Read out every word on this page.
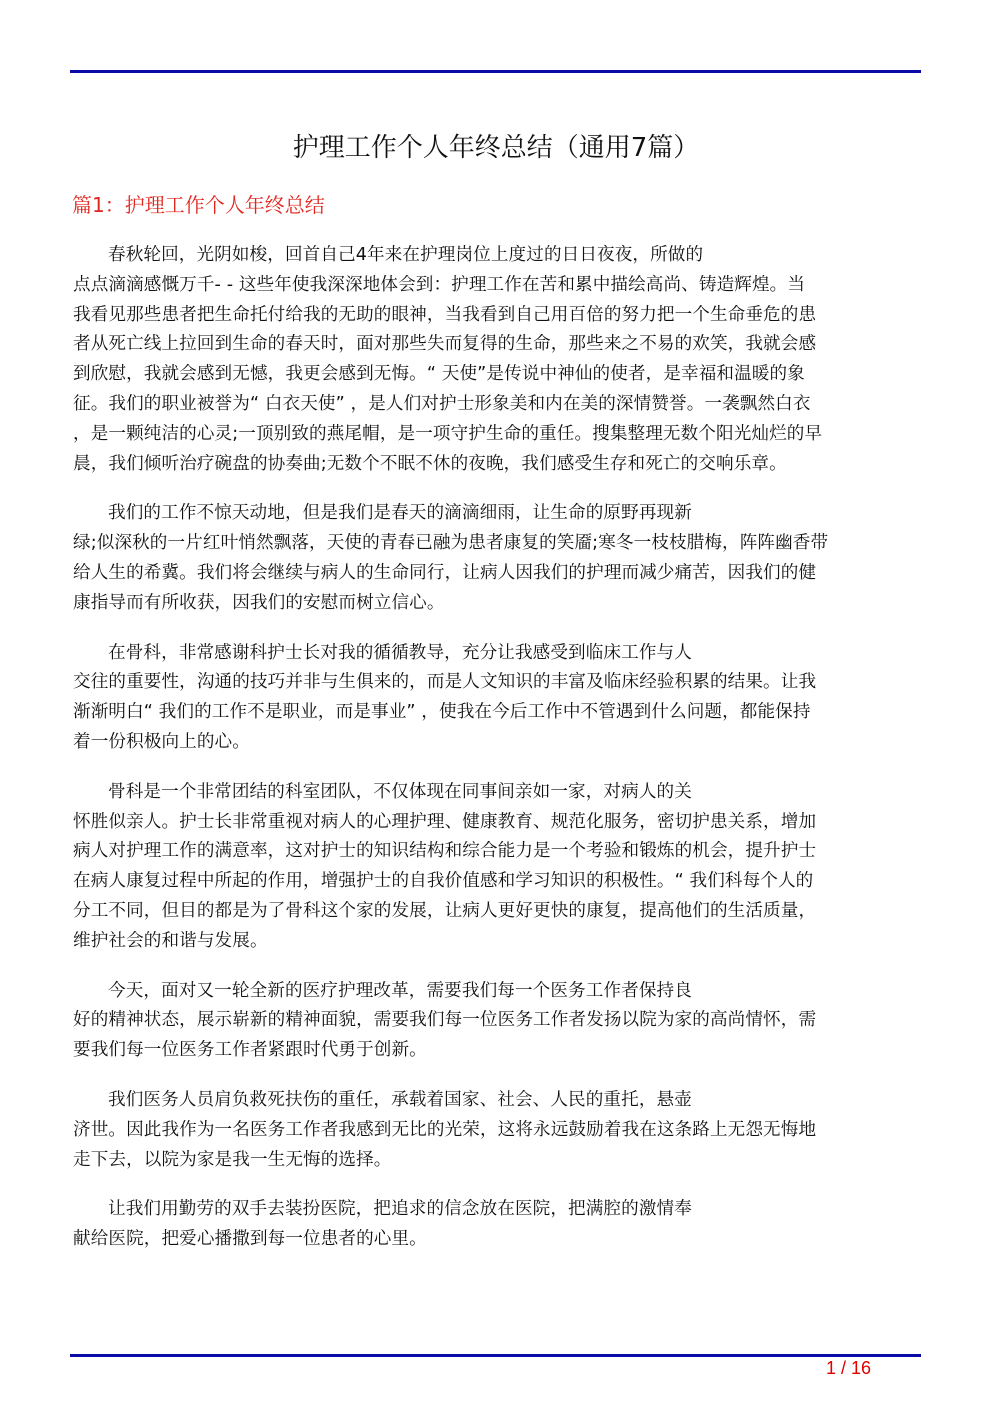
护理工作个人年终总结（通用7篇）
篇1：护理工作个人年终总结
春秋轮回，光阴如梭，回首自己4年来在护理岗位上度过的日日夜夜，所做的
点点滴滴感慨万千- - 这些年使我深深地体会到：护理工作在苦和累中描绘高尚、铸造辉煌。当
我看见那些患者把生命托付给我的无助的眼神，当我看到自己用百倍的努力把一个生命垂危的患
者从死亡线上拉回到生命的春天时，面对那些失而复得的生命，那些来之不易的欢笑，我就会感
到欣慰，我就会感到无憾，我更会感到无悔。“ 天使”是传说中神仙的使者，是幸福和温暖的象
征。我们的职业被誉为“ 白衣天使” ，是人们对护士形象美和内在美的深情赞誉。一袭飘然白衣
，是一颗纯洁的心灵;一顶别致的燕尾帽，是一项守护生命的重任。搜集整理无数个阳光灿烂的早
晨，我们倾听治疗碗盘的协奏曲;无数个不眠不休的夜晚，我们感受生存和死亡的交响乐章。
我们的工作不惊天动地，但是我们是春天的滴滴细雨，让生命的原野再现新
绿;似深秋的一片红叶悄然飘落，天使的青春已融为患者康复的笑靥;寒冬一枝枝腊梅，阵阵幽香带
给人生的希冀。我们将会继续与病人的生命同行，让病人因我们的护理而减少痛苦，因我们的健
康指导而有所收获，因我们的安慰而树立信心。
在骨科，非常感谢科护士长对我的循循教导，充分让我感受到临床工作与人
交往的重要性，沟通的技巧并非与生俱来的，而是人文知识的丰富及临床经验积累的结果。让我
渐渐明白“ 我们的工作不是职业，而是事业” ，使我在今后工作中不管遇到什么问题，都能保持
着一份积极向上的心。
骨科是一个非常团结的科室团队，不仅体现在同事间亲如一家，对病人的关
怀胜似亲人。护士长非常重视对病人的心理护理、健康教育、规范化服务，密切护患关系，增加
病人对护理工作的满意率，这对护士的知识结构和综合能力是一个考验和锻炼的机会，提升护士
在病人康复过程中所起的作用，增强护士的自我价值感和学习知识的积极性。“ 我们科每个人的
分工不同，但目的都是为了骨科这个家的发展，让病人更好更快的康复，提高他们的生活质量，
维护社会的和谐与发展。
今天，面对又一轮全新的医疗护理改革，需要我们每一个医务工作者保持良
好的精神状态，展示崭新的精神面貌，需要我们每一位医务工作者发扬以院为家的高尚情怀，需
要我们每一位医务工作者紧跟时代勇于创新。
我们医务人员肩负救死扶伤的重任，承载着国家、社会、人民的重托，悬壶
济世。因此我作为一名医务工作者我感到无比的光荣，这将永远鼓励着我在这条路上无怨无悔地
走下去，以院为家是我一生无悔的选择。
让我们用勤劳的双手去装扮医院，把追求的信念放在医院，把满腔的激情奉
献给医院，把爱心播撒到每一位患者的心里。
1 / 16
